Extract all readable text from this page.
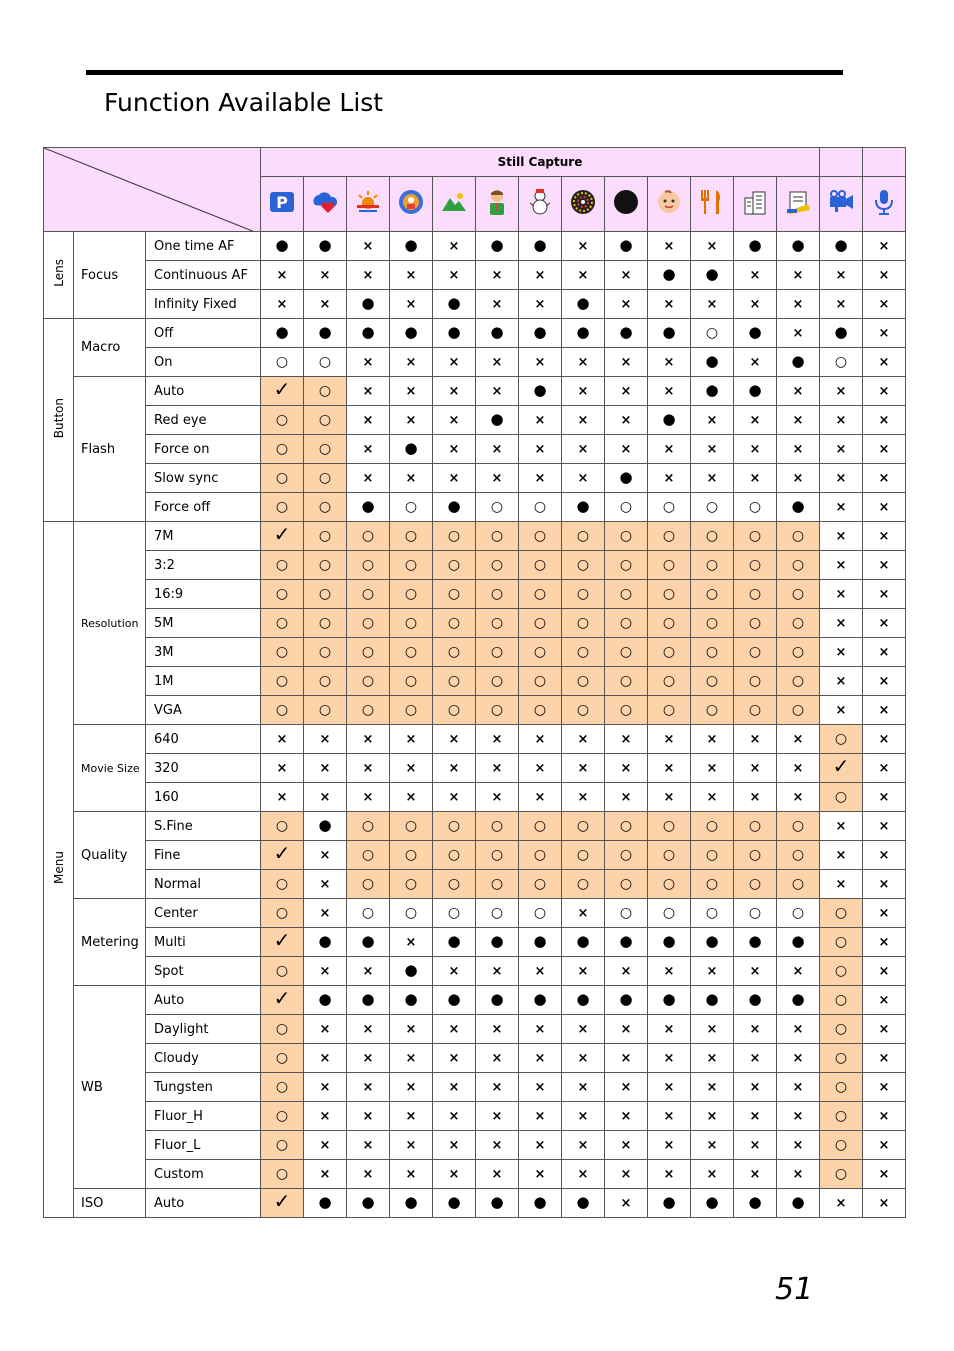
Function Available List
	Still Capture														

P

Lens	Focus	One time AF	●	●	×	●	×	●	●	×	●	×	×	●	●	●	×
		Continuous AF	×	×	×	×	×	×	×	×	×	●	●	×	×	×	×
		Infinity Fixed	×	×	●	×	●	×	×	●	×	×	×	×	×	×	×
Button	Macro	Off	●	●	●	●	●	●	●	●	●	●	○	●	×	●	×
		On	○	○	×	×	×	×	×	×	×	×	●	×	●	○	×
	Flash	Auto	✓	○	×	×	×	×	●	×	×	×	●	●	×	×	×
		Red eye	○	○	×	×	×	●	×	×	×	●	×	×	×	×	×
		Force on	○	○	×	●	×	×	×	×	×	×	×	×	×	×	×
		Slow sync	○	○	×	×	×	×	×	×	●	×	×	×	×	×	×
		Force off	○	○	●	○	●	○	○	●	○	○	○	○	●	×	×
Menu	Resolution	7M	✓	○	○	○	○	○	○	○	○	○	○	○	○	×	×
		3:2	○	○	○	○	○	○	○	○	○	○	○	○	○	×	×
		16:9	○	○	○	○	○	○	○	○	○	○	○	○	○	×	×
		5M	○	○	○	○	○	○	○	○	○	○	○	○	○	×	×
		3M	○	○	○	○	○	○	○	○	○	○	○	○	○	×	×
		1M	○	○	○	○	○	○	○	○	○	○	○	○	○	×	×
		VGA	○	○	○	○	○	○	○	○	○	○	○	○	○	×	×
	Movie Size	640	×	×	×	×	×	×	×	×	×	×	×	×	×	○	×
		320	×	×	×	×	×	×	×	×	×	×	×	×	×	✓	×
		160	×	×	×	×	×	×	×	×	×	×	×	×	×	○	×
	Quality	S.Fine	○	●	○	○	○	○	○	○	○	○	○	○	○	×	×
		Fine	✓	×	○	○	○	○	○	○	○	○	○	○	○	×	×
		Normal	○	×	○	○	○	○	○	○	○	○	○	○	○	×	×
	Metering	Center	○	×	○	○	○	○	○	×	○	○	○	○	○	○	×
		Multi	✓	●	●	×	●	●	●	●	●	●	●	●	●	○	×
		Spot	○	×	×	●	×	×	×	×	×	×	×	×	×	○	×
	WB	Auto	✓	●	●	●	●	●	●	●	●	●	●	●	●	○	×
		Daylight	○	×	×	×	×	×	×	×	×	×	×	×	×	○	×
		Cloudy	○	×	×	×	×	×	×	×	×	×	×	×	×	○	×
		Tungsten	○	×	×	×	×	×	×	×	×	×	×	×	×	○	×
		Fluor_H	○	×	×	×	×	×	×	×	×	×	×	×	×	○	×
		Fluor_L	○	×	×	×	×	×	×	×	×	×	×	×	×	○	×
		Custom	○	×	×	×	×	×	×	×	×	×	×	×	×	○	×
	ISO	Auto	✓	●	●	●	●	●	●	●	×	●	●	●	●	×	×
51
